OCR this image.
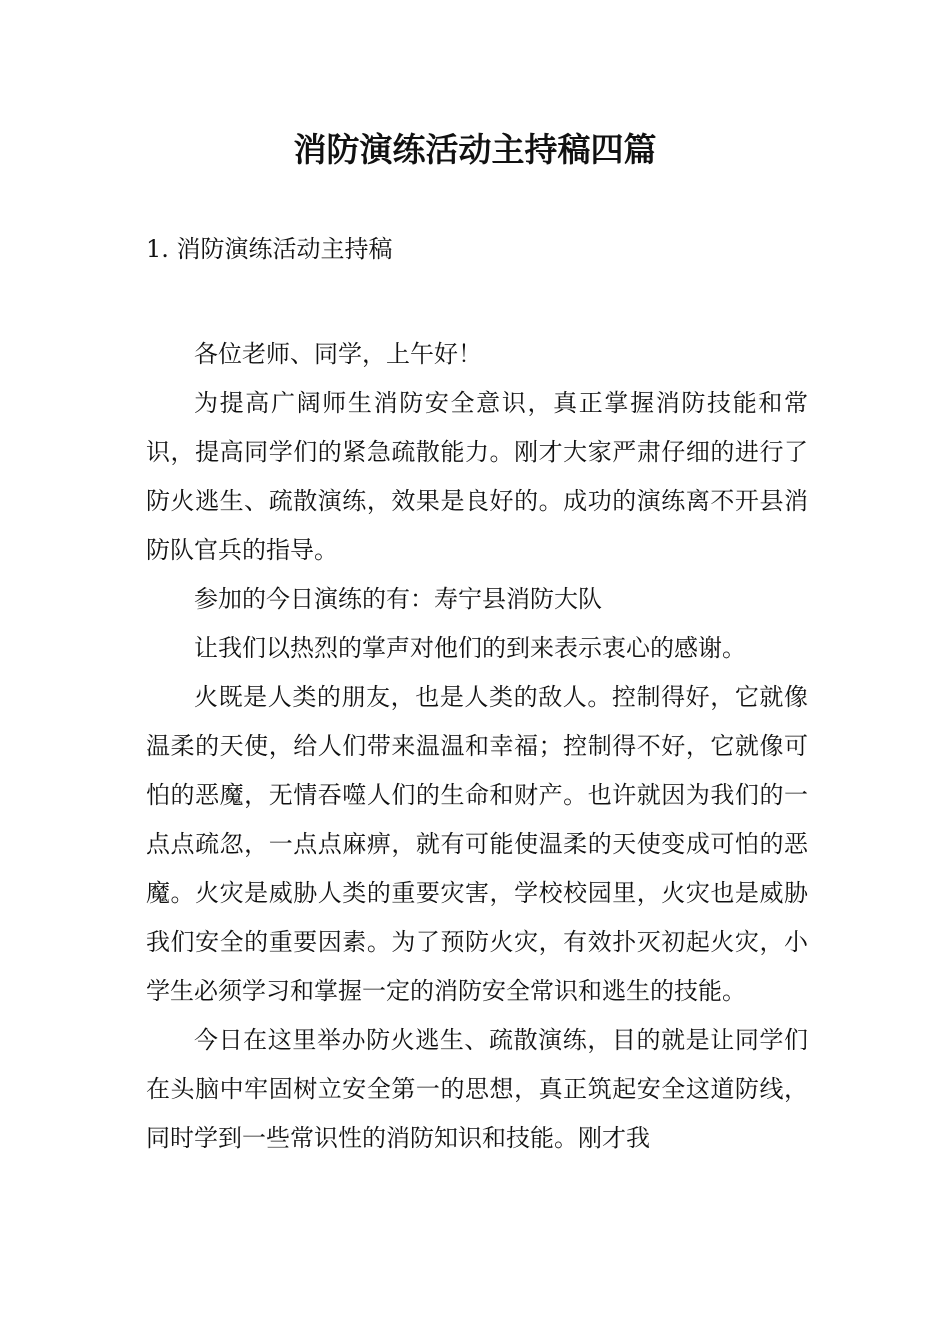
消防演练活动主持稿四篇

1. 消防演练活动主持稿

各位老师、同学，上午好！

为提高广阔师生消防安全意识，真正掌握消防技能和常识，提高同学们的紧急疏散能力。刚才大家严肃仔细的进行了防火逃生、疏散演练，效果是良好的。成功的演练离不开县消防队官兵的指导。

参加的今日演练的有：寿宁县消防大队

让我们以热烈的掌声对他们的到来表示衷心的感谢。

火既是人类的朋友，也是人类的敌人。控制得好，它就像温柔的天使，给人们带来温温和幸福；控制得不好，它就像可怕的恶魔，无情吞噬人们的生命和财产。也许就因为我们的一点点疏忽，一点点麻痹，就有可能使温柔的天使变成可怕的恶魔。火灾是威胁人类的重要灾害，学校校园里，火灾也是威胁我们安全的重要因素。为了预防火灾，有效扑灭初起火灾，小学生必须学习和掌握一定的消防安全常识和逃生的技能。

今日在这里举办防火逃生、疏散演练，目的就是让同学们在头脑中牢固树立安全第一的思想，真正筑起安全这道防线，同时学到一些常识性的消防知识和技能。刚才我
